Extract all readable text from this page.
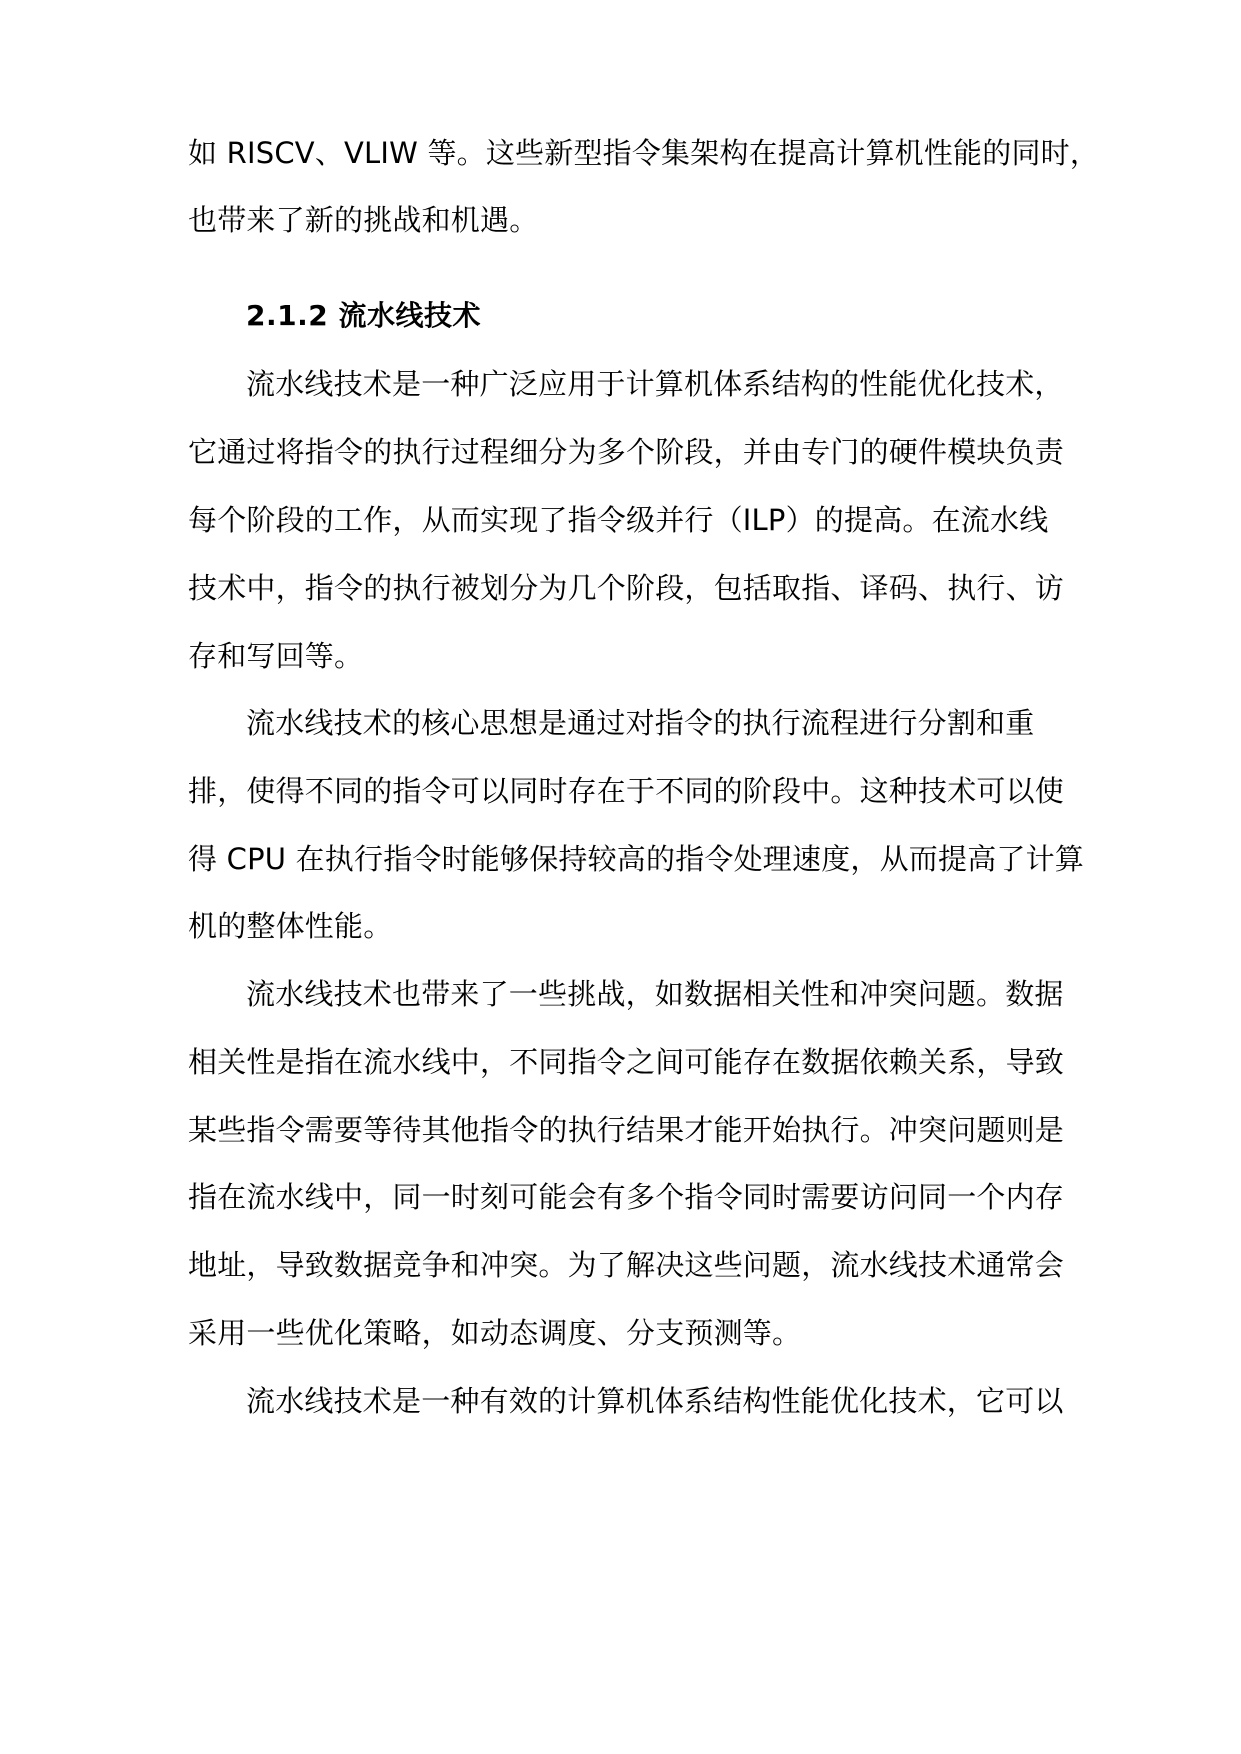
如 RISCV、VLIW 等。这些新型指令集架构在提高计算机性能的同时，
也带来了新的挑战和机遇。
2.1.2 流水线技术
流水线技术是一种广泛应用于计算机体系结构的性能优化技术，
它通过将指令的执行过程细分为多个阶段，并由专门的硬件模块负责
每个阶段的工作，从而实现了指令级并行（ILP）的提高。在流水线
技术中，指令的执行被划分为几个阶段，包括取指、译码、执行、访
存和写回等。
流水线技术的核心思想是通过对指令的执行流程进行分割和重
排，使得不同的指令可以同时存在于不同的阶段中。这种技术可以使
得 CPU 在执行指令时能够保持较高的指令处理速度，从而提高了计算
机的整体性能。
流水线技术也带来了一些挑战，如数据相关性和冲突问题。数据
相关性是指在流水线中，不同指令之间可能存在数据依赖关系，导致
某些指令需要等待其他指令的执行结果才能开始执行。冲突问题则是
指在流水线中，同一时刻可能会有多个指令同时需要访问同一个内存
地址，导致数据竞争和冲突。为了解决这些问题，流水线技术通常会
采用一些优化策略，如动态调度、分支预测等。
流水线技术是一种有效的计算机体系结构性能优化技术，它可以
